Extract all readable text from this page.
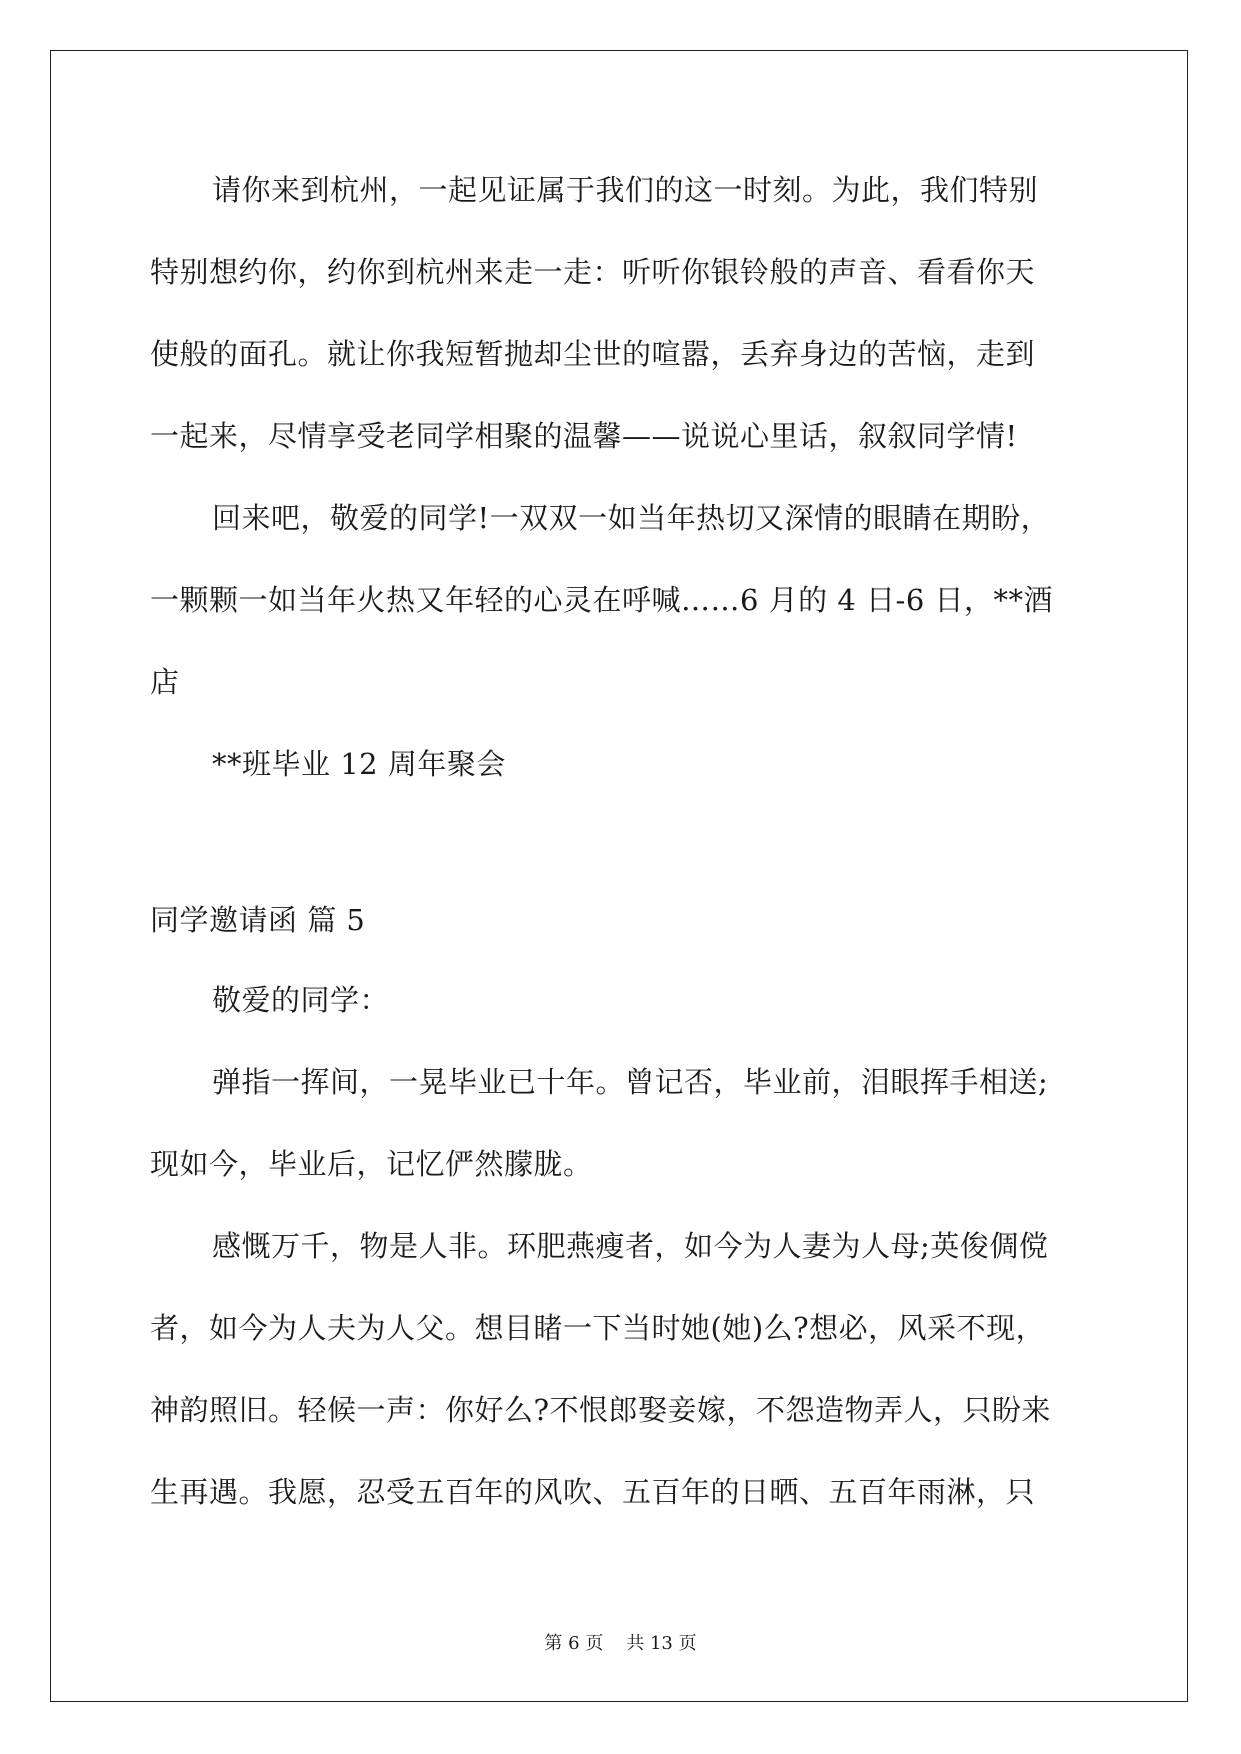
请你来到杭州，一起见证属于我们的这一时刻。为此，我们特别
特别想约你，约你到杭州来走一走：听听你银铃般的声音、看看你天
使般的面孔。就让你我短暂抛却尘世的喧嚣，丢弃身边的苦恼，走到
一起来，尽情享受老同学相聚的温馨——说说心里话，叙叙同学情!
回来吧，敬爱的同学!一双双一如当年热切又深情的眼睛在期盼，
一颗颗一如当年火热又年轻的心灵在呼喊……6 月的 4 日-6 日，**酒
店
**班毕业 12 周年聚会
同学邀请函 篇 5
敬爱的同学：
弹指一挥间，一晃毕业已十年。曾记否，毕业前，泪眼挥手相送;
现如今，毕业后，记忆俨然朦胧。
感慨万千，物是人非。环肥燕瘦者，如今为人妻为人母;英俊倜傥
者，如今为人夫为人父。想目睹一下当时她(她)么?想必，风采不现，
神韵照旧。轻候一声：你好么?不恨郎娶妾嫁，不怨造物弄人，只盼来
生再遇。我愿，忍受五百年的风吹、五百年的日晒、五百年雨淋，只
第 6 页 共 13 页
